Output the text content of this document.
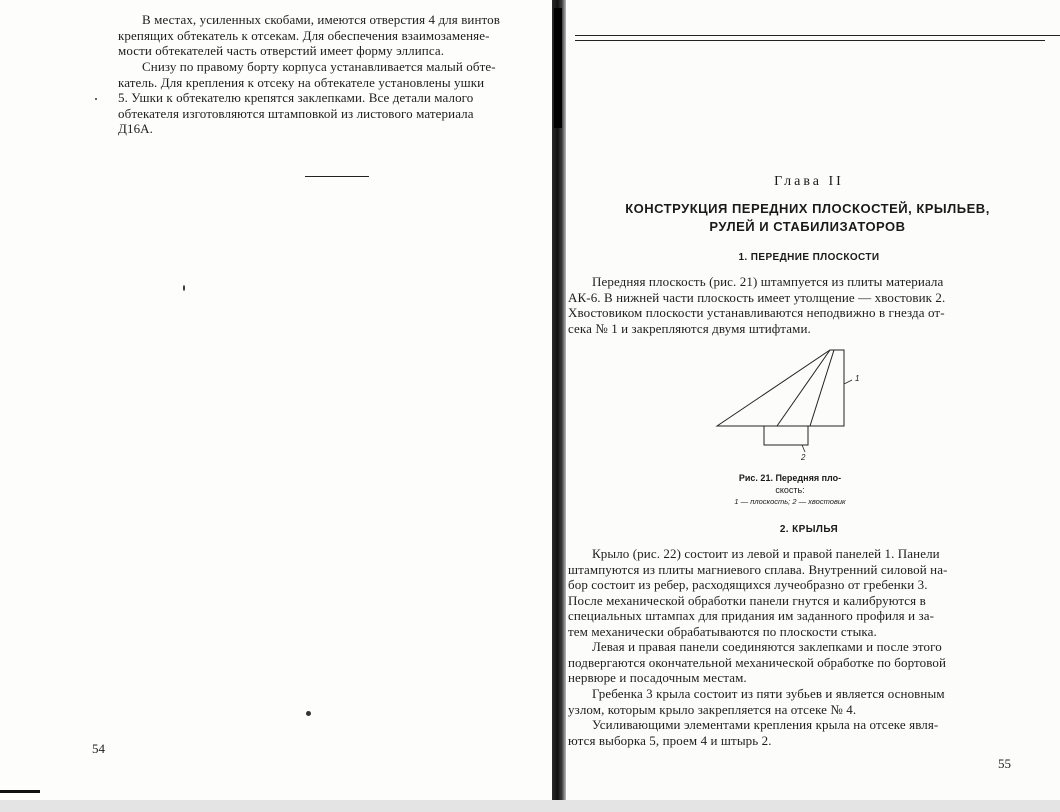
В местах, усиленных скобами, имеются отверстия 4 для винтов
крепящих обтекатель к отсекам. Для обеспечения взаимозаменяе-
мости обтекателей часть отверстий имеет форму эллипса.
Снизу по правому борту корпуса устанавливается малый обте-
катель. Для крепления к отсеку на обтекателе установлены ушки
5. Ушки к обтекателю крепятся заклепками. Все детали малого
обтекателя изготовляются штамповкой из листового материала
Д16А.
54
Глава II
КОНСТРУКЦИЯ ПЕРЕДНИХ ПЛОСКОСТЕЙ, КРЫЛЬЕВ,
РУЛЕЙ И СТАБИЛИЗАТОРОВ
1. ПЕРЕДНИЕ ПЛОСКОСТИ
Передняя плоскость (рис. 21) штампуется из плиты материала
АК-6. В нижней части плоскость имеет утолщение — хвостовик 2.
Хвостовиком плоскости устанавливаются неподвижно в гнезда от-
сека № 1 и закрепляются двумя штифтами.
1
2
Рис. 21. Передняя пло-
скость:
1 — плоскость; 2 — хвостовик
2. КРЫЛЬЯ
Крыло (рис. 22) состоит из левой и правой панелей 1. Панели
штампуются из плиты магниевого сплава. Внутренний силовой на-
бор состоит из ребер, расходящихся лучеобразно от гребенки 3.
После механической обработки панели гнутся и калибруются в
специальных штампах для придания им заданного профиля и за-
тем механически обрабатываются по плоскости стыка.
Левая и правая панели соединяются заклепками и после этого
подвергаются окончательной механической обработке по бортовой
нервюре и посадочным местам.
Гребенка 3 крыла состоит из пяти зубьев и является основным
узлом, которым крыло закрепляется на отсеке № 4.
Усиливающими элементами крепления крыла на отсеке явля-
ются выборка 5, проем 4 и штырь 2.
55
